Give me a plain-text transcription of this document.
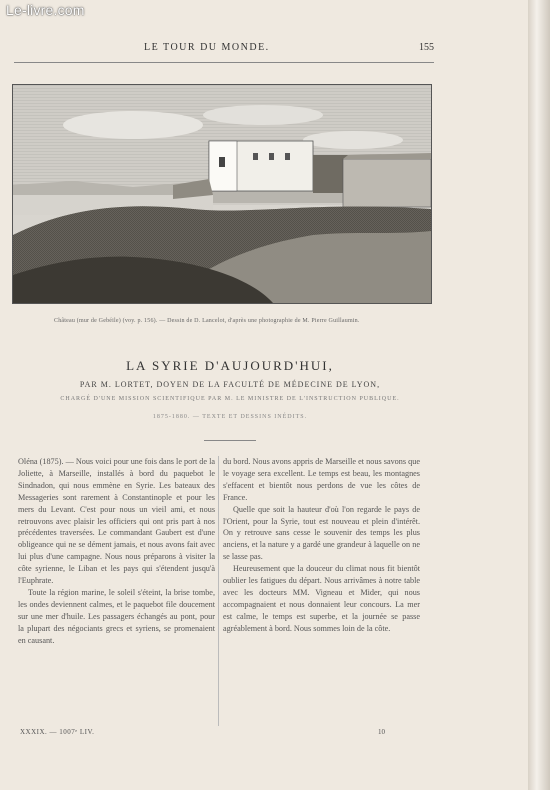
Le-livre.com
LE TOUR DU MONDE.	155
Château (mur de Gebéile) (voy. p. 156). — Dessin de D. Lancelot, d'après une photographie de M. Pierre Guillaumin.
LA SYRIE D'AUJOURD'HUI,
PAR M. LORTET, DOYEN DE LA FACULTÉ DE MÉDECINE DE LYON,
CHARGÉ D'UNE MISSION SCIENTIFIQUE PAR M. LE MINISTRE DE L'INSTRUCTION PUBLIQUE.
1875-1880. — TEXTE ET DESSINS INÉDITS.

Oléna (1875). — Nous voici pour une fois dans le port de la Joliette, à Marseille, installés à bord du paquebot le Sindnadon, qui nous emmène en Syrie. Les bateaux des Messageries sont rarement à Constantinople et pour les mers du Levant. C'est pour nous un vieil ami, et nous retrouvons avec plaisir les officiers qui ont pris part à nos précédentes traversées. Le commandant Gaubert est d'une obligeance qui ne se dément jamais, et nous avons fait avec lui plus d'une campagne. Nous nous préparons à visiter la côte syrienne, le Liban et les pays qui s'étendent jusqu'à l'Euphrate.

Toute la région marine, le soleil s'éteint, la brise tombe, les ondes deviennent calmes, et le paquebot file doucement sur une mer d'huile. Les passagers échangés au pont, pour la plupart des négociants grecs et syriens, se promenaient en causant.

du bord. Nous avons appris de Marseille et nous savons que le voyage sera excellent. Le temps est beau, les montagnes s'effacent et bientôt nous perdons de vue les côtes de France.

Quelle que soit la hauteur d'où l'on regarde le pays de l'Orient, pour la Syrie, tout est nouveau et plein d'intérêt. On y retrouve sans cesse le souvenir des temps les plus anciens, et la nature y a gardé une grandeur à laquelle on ne se lasse pas.

Heureusement que la douceur du climat nous fit bientôt oublier les fatigues du départ. Nous arrivâmes à notre table avec les docteurs MM. Vigneau et Mider, qui nous accompagnaient et nous donnaient leur concours. La mer est calme, le temps est superbe, et la journée se passe agréablement à bord. Nous sommes loin de la côte.

XXXIX. — 1007ᵉ LIV.	10
